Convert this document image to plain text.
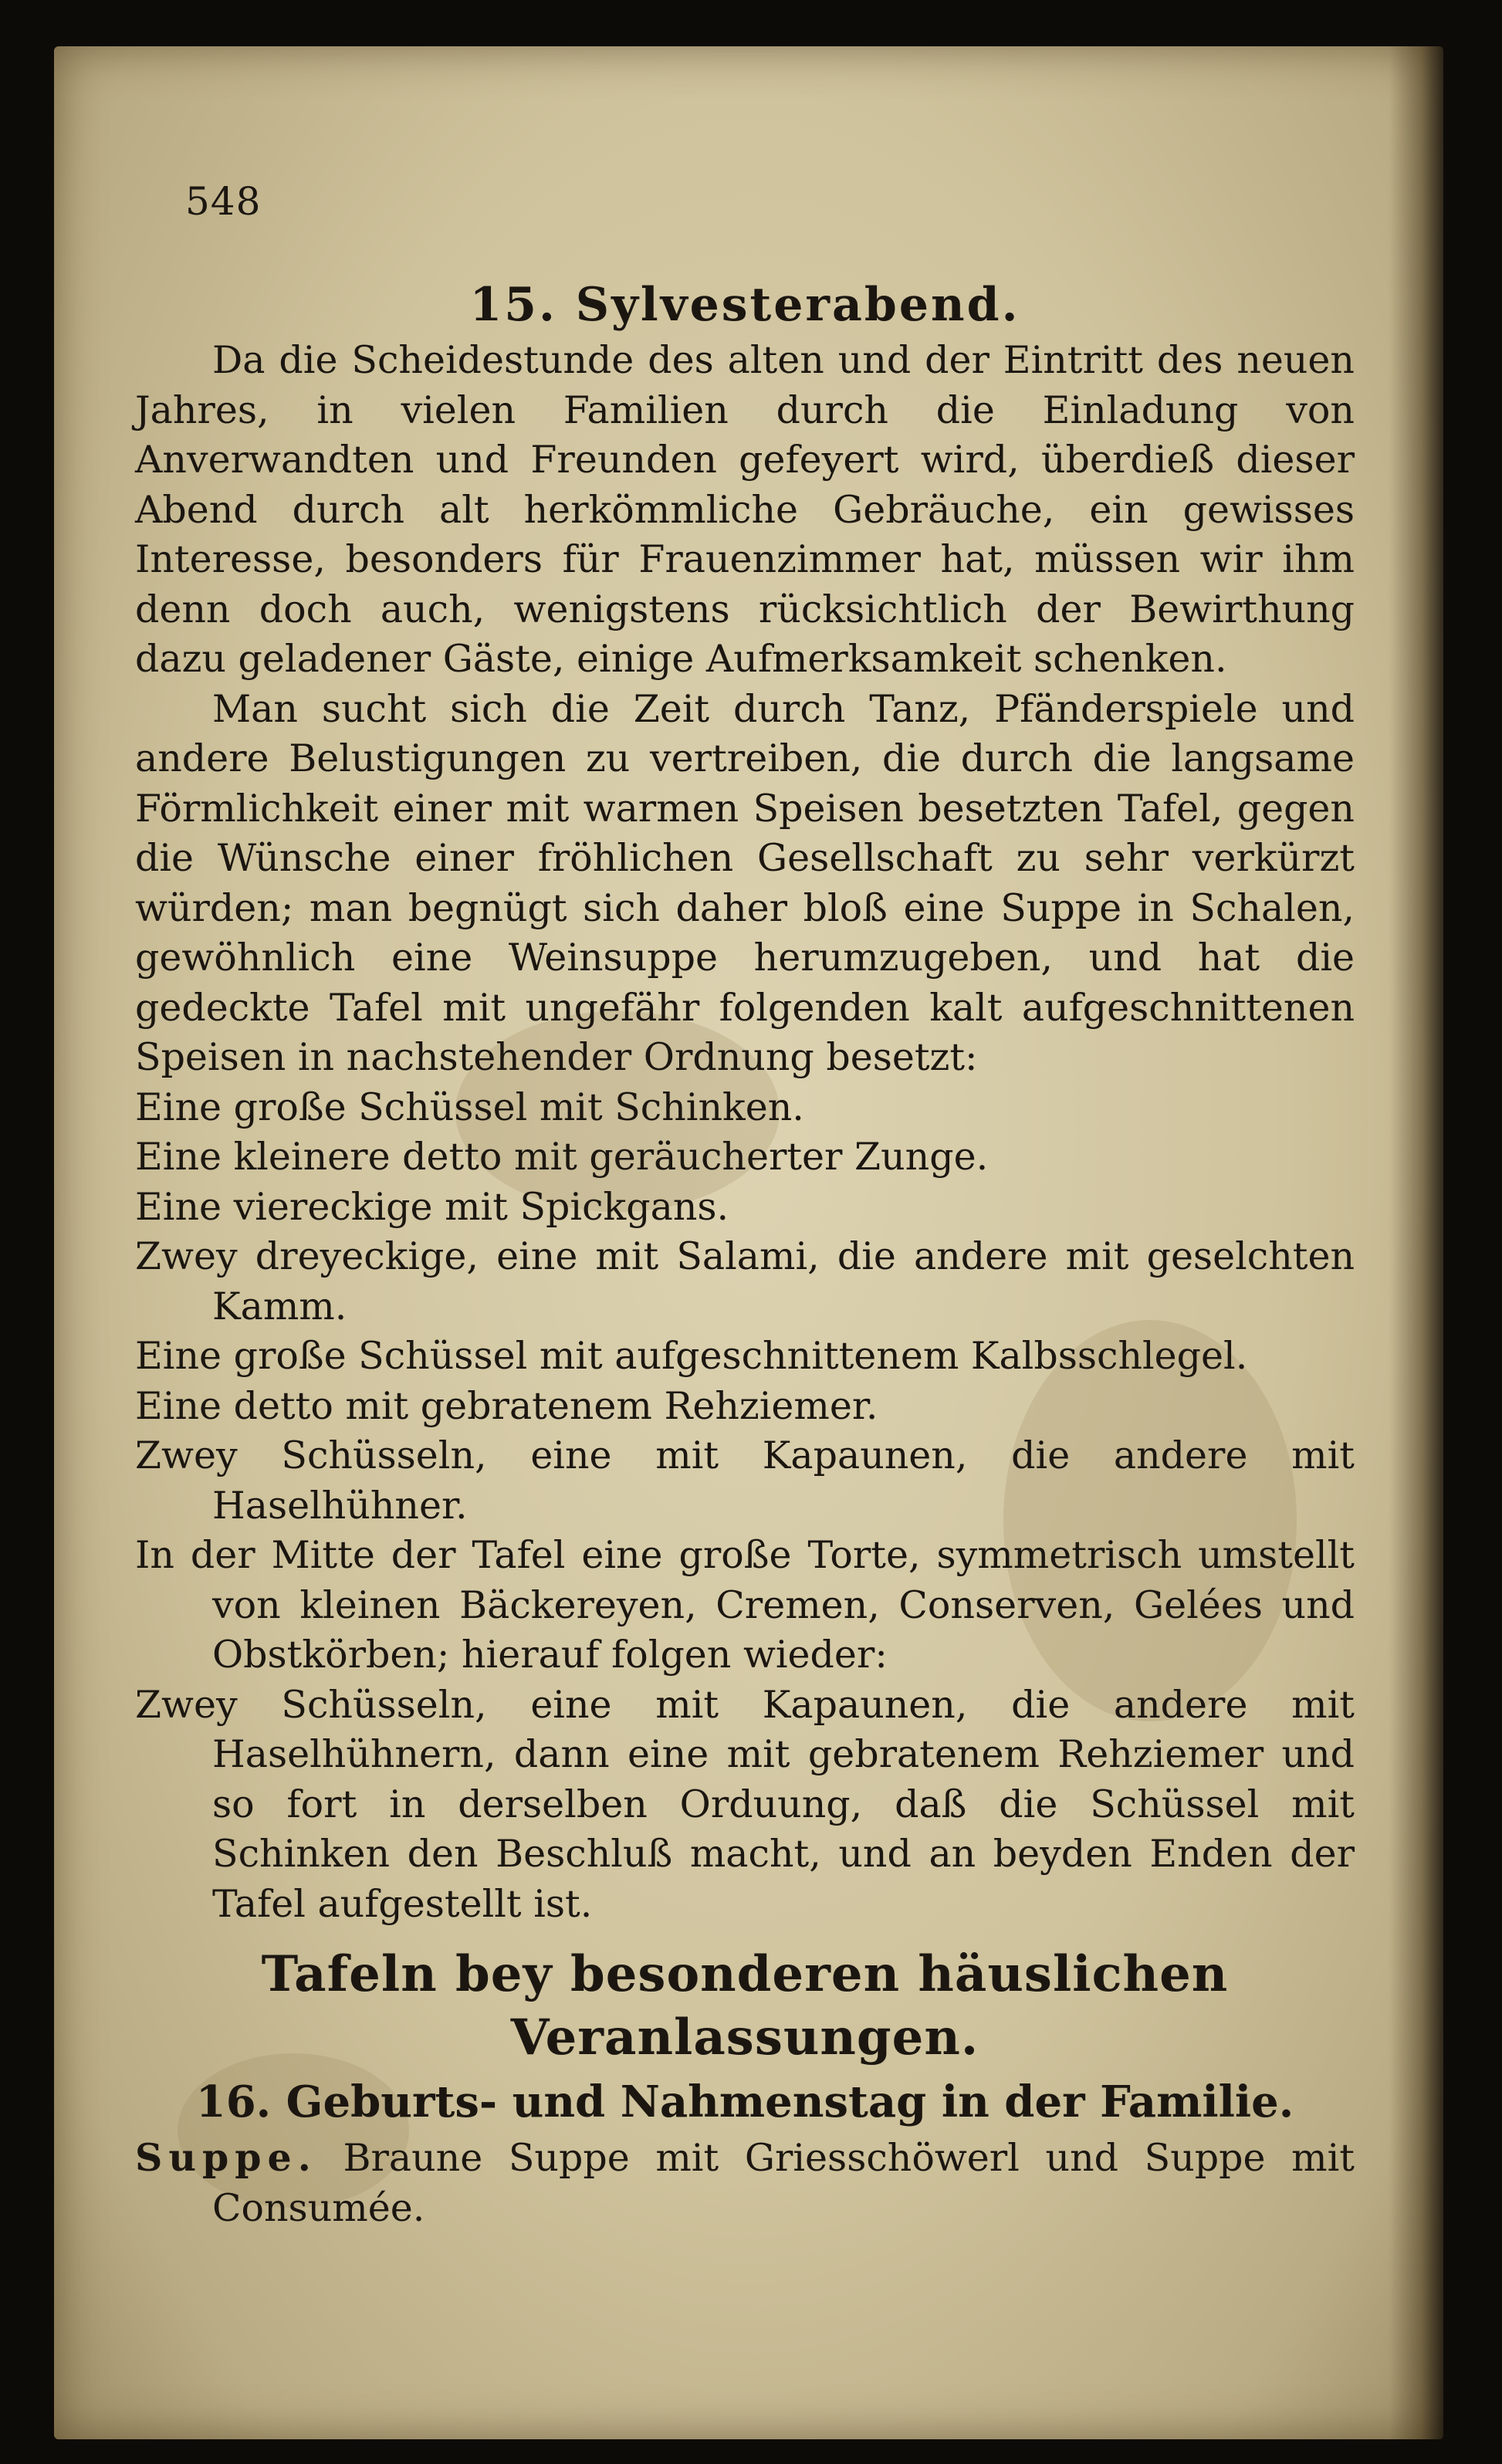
548
15. Sylvesterabend.

Da die Scheidestunde des alten und der Eintritt des neuen Jahres, in vielen Familien durch die Einladung von Anverwandten und Freunden gefeyert wird, überdieß dieser Abend durch alt herkömmliche Gebräuche, ein gewisses Interesse, besonders für Frauenzimmer hat, müssen wir ihm denn doch auch, wenigstens rücksichtlich der Bewirthung dazu geladener Gäste, einige Aufmerksamkeit schenken.

Man sucht sich die Zeit durch Tanz, Pfänderspiele und andere Belustigungen zu vertreiben, die durch die langsame Förmlichkeit einer mit warmen Speisen besetzten Tafel, gegen die Wünsche einer fröhlichen Gesellschaft zu sehr verkürzt würden; man begnügt sich daher bloß eine Suppe in Schalen, gewöhnlich eine Weinsuppe herumzugeben, und hat die gedeckte Tafel mit ungefähr folgenden kalt aufgeschnittenen Speisen in nachstehender Ordnung besetzt:

Eine große Schüssel mit Schinken.

Eine kleinere detto mit geräucherter Zunge.

Eine viereckige mit Spickgans.

Zwey dreyeckige, eine mit Salami, die andere mit geselchten Kamm.

Eine große Schüssel mit aufgeschnittenem Kalbsschlegel.

Eine detto mit gebratenem Rehziemer.

Zwey Schüsseln, eine mit Kapaunen, die andere mit Haselhühner.

In der Mitte der Tafel eine große Torte, symmetrisch umstellt von kleinen Bäckereyen, Cremen, Conserven, Gelées und Obstkörben; hierauf folgen wieder:

Zwey Schüsseln, eine mit Kapaunen, die andere mit Haselhühnern, dann eine mit gebratenem Rehziemer und so fort in derselben Orduung, daß die Schüssel mit Schinken den Beschluß macht, und an beyden Enden der Tafel aufgestellt ist.

Tafeln bey besonderen häuslichen Veranlassungen.
16. Geburts- und Nahmenstag in der Familie.

Suppe. Braune Suppe mit Griesschöwerl und Suppe mit Consumée.
